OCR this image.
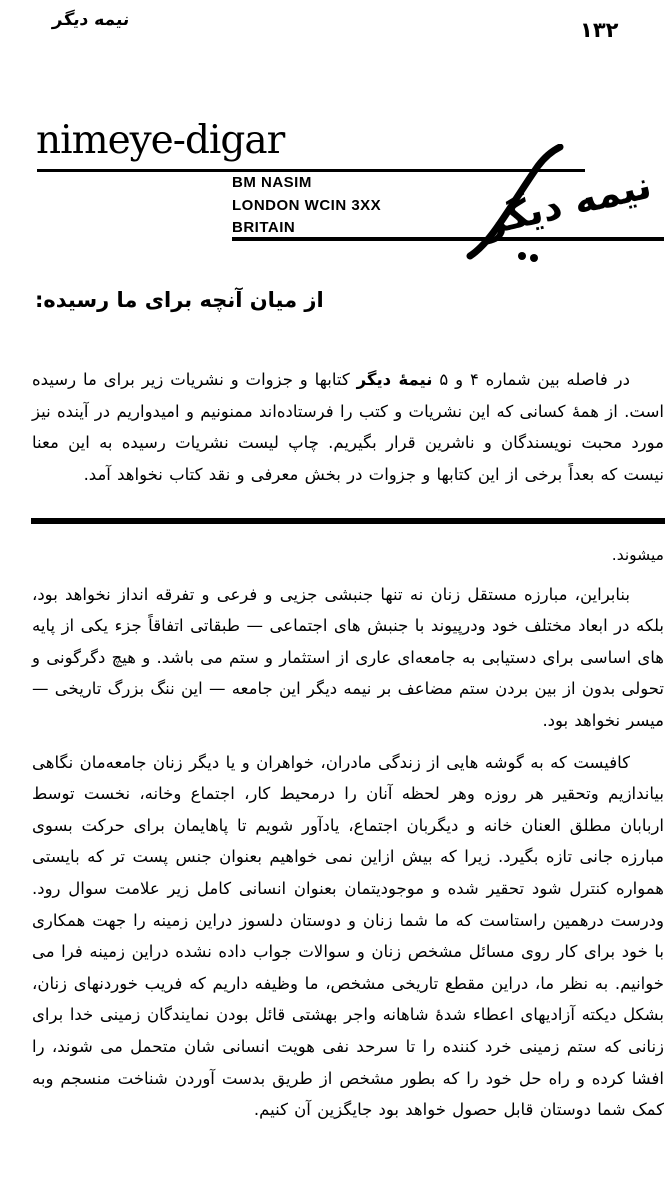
نیمه دیگر	۱۳۲
nimeye-digar
BM NASIM
LONDON WCIN 3XX
BRITAIN	نیمه دیگر
از میان آنچه برای ما رسیده:

در فاصله بین شماره ۴ و ۵ نیمهٔ دیگر کتابها و جزوات و نشریات زیر برای ما رسیده است. از همهٔ کسانی که این نشریات و کتب را فرستاده‌اند ممنونیم و امیدواریم در آینده نیز مورد محبت نویسندگان و ناشرین قرار بگیریم. چاپ لیست نشریات رسیده به این معنا نیست که بعداً برخی از این کتابها و جزوات در بخش معرفی و نقد کتاب نخواهد آمد.

میشوند.

بنابراین، مبارزه مستقل زنان نه تنها جنبشی جزیی و فرعی و تفرقه انداز نخواهد بود، بلکه در ابعاد مختلف خود ودرپیوند با جنبش های اجتماعی — طبقاتی اتفاقاً جزء یکی از پایه های اساسی برای دستیابی به جامعه‌ای عاری از استثمار و ستم می باشد. و هیچ دگرگونی و تحولی بدون از بین بردن ستم مضاعف بر نیمه دیگر این جامعه — این ننگ بزرگ تاریخی — میسر نخواهد بود.

کافیست که به گوشه هایی از زندگی مادران، خواهران و یا دیگر زنان جامعه‌مان نگاهی بیاندازیم وتحقیر هر روزه وهر لحظه آنان را درمحیط کار، اجتماع وخانه، نخست توسط اربابان مطلق العنان خانه و دیگربان اجتماع، یادآور شویم تا پاهایمان برای حرکت بسوی مبارزه جانی تازه بگیرد. زیرا که بیش ازاین نمی خواهیم بعنوان جنس پست تر که بایستی همواره کنترل شود تحقیر شده و موجودیتمان بعنوان انسانی کامل زیر علامت سوال رود. ودرست درهمین راستاست که ما شما زنان و دوستان دلسوز دراین زمینه را جهت همکاری با خود برای کار روی مسائل مشخص زنان و سوالات جواب داده نشده دراین زمینه فرا می خوانیم. به نظر ما، دراین مقطع تاریخی مشخص، ما وظیفه داریم که فریب خوردنهای زنان، بشکل دیکته آزادیهای اعطاء شدهٔ شاهانه واجر بهشتی قائل بودن نمایندگان زمینی خدا برای زنانی که ستم زمینی خرد کننده را تا سرحد نفی هویت انسانی شان متحمل می شوند، را افشا کرده و راه حل خود را که بطور مشخص از طریق بدست آوردن شناخت منسجم وبه کمک شما دوستان قابل حصول خواهد بود جایگزین آن کنیم.
